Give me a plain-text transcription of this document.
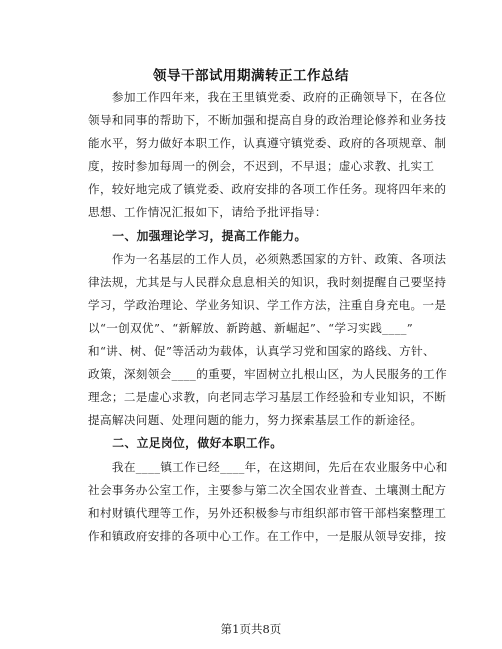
领导干部试用期满转正工作总结
　　参加工作四年来，我在王里镇党委、政府的正确领导下，在各位
领导和同事的帮助下，不断加强和提高自身的政治理论修养和业务技
能水平，努力做好本职工作，认真遵守镇党委、政府的各项规章、制
度，按时参加每周一的例会，不迟到，不早退；虚心求教、扎实工
作，较好地完成了镇党委、政府安排的各项工作任务。现将四年来的
思想、工作情况汇报如下，请给予批评指导：
　　一、加强理论学习，提高工作能力。
　　作为一名基层的工作人员，必须熟悉国家的方针、政策、各项法
律法规，尤其是与人民群众息息相关的知识，我时刻提醒自己要坚持
学习，学政治理论、学业务知识、学工作方法，注重自身充电。一是
以“一创双优”、“新解放、新跨越、新崛起”、“学习实践____”
和“讲、树、促”等活动为载体，认真学习党和国家的路线、方针、
政策，深刻领会____的重要，牢固树立扎根山区，为人民服务的工作
理念；二是虚心求教，向老同志学习基层工作经验和专业知识，不断
提高解决问题、处理问题的能力，努力探索基层工作的新途径。
　　二、立足岗位，做好本职工作。
　　我在____镇工作已经____年，在这期间，先后在农业服务中心和
社会事务办公室工作，主要参与第二次全国农业普查、土壤测土配方
和村财镇代理等工作，另外还积极参与市组织部市管干部档案整理工
作和镇政府安排的各项中心工作。在工作中，一是服从领导安排，按
第1页共8页
